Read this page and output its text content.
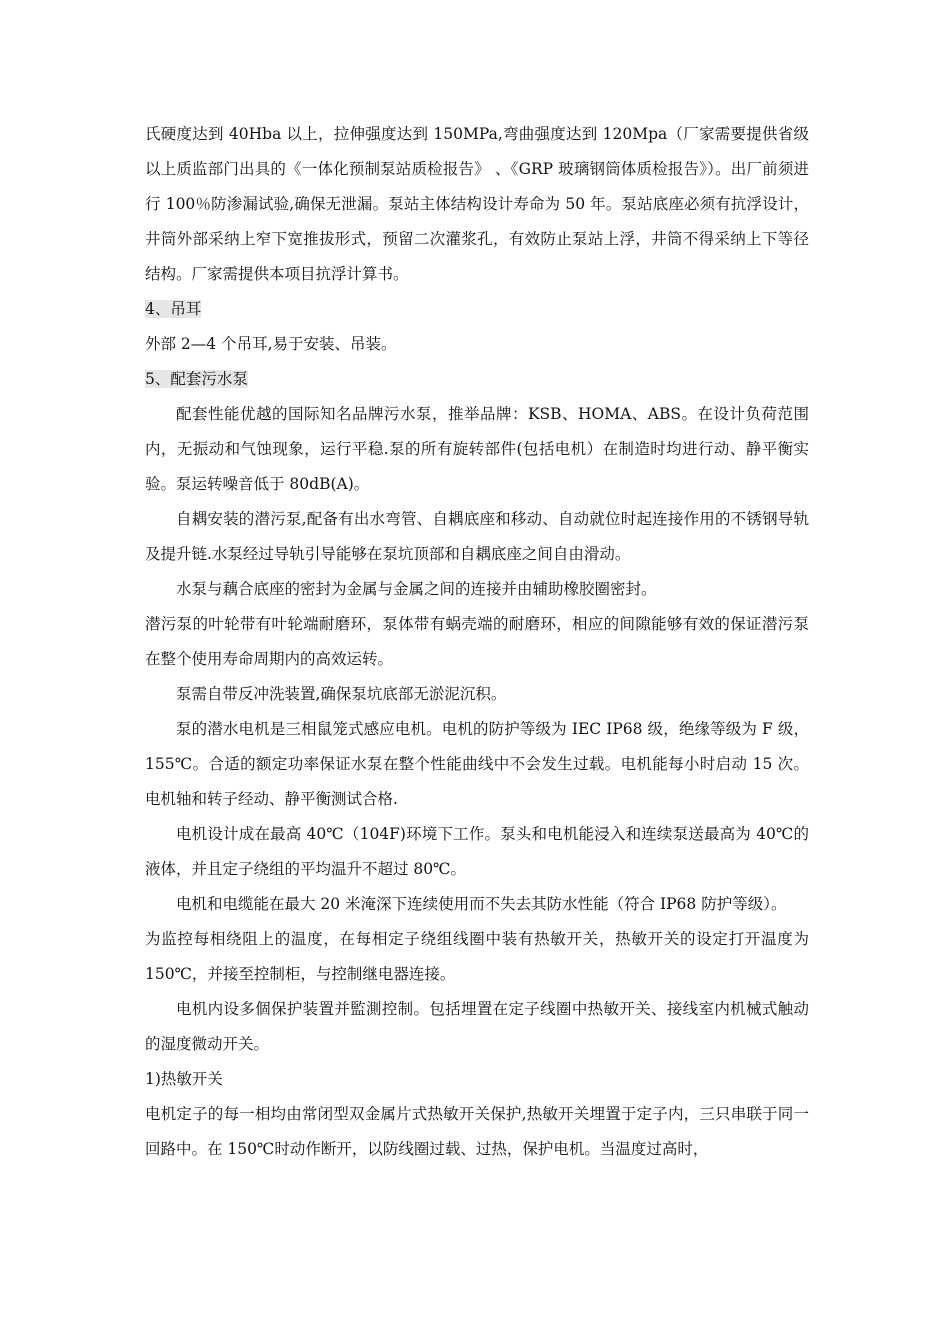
氏硬度达到 40Hba 以上，拉伸强度达到 150MPa,弯曲强度达到 120Mpa（厂家需要提供省级以上质监部门出具的《一体化预制泵站质检报告》 、《GRP 玻璃钢筒体质检报告》）。出厂前须进行 100％防渗漏试验,确保无泄漏。泵站主体结构设计寿命为 50 年。泵站底座必须有抗浮设计，井筒外部采纳上窄下宽推拔形式，预留二次灌浆孔，有效防止泵站上浮，井筒不得采纳上下等径结构。厂家需提供本项目抗浮计算书。

4、吊耳

外部 2—4 个吊耳,易于安装、吊装。

5、配套污水泵

配套性能优越的国际知名品牌污水泵，推举品牌：KSB、HOMA、ABS。在设计负荷范围内，无振动和气蚀现象，运行平稳.泵的所有旋转部件(包括电机）在制造时均进行动、静平衡实验。泵运转噪音低于 80dB(A)。

自耦安装的潜污泵,配备有出水弯管、自耦底座和移动、自动就位时起连接作用的不锈钢导轨及提升链.水泵经过导轨引导能够在泵坑顶部和自耦底座之间自由滑动。

水泵与藕合底座的密封为金属与金属之间的连接并由辅助橡胶圈密封。

潜污泵的叶轮带有叶轮端耐磨环，泵体带有蜗壳端的耐磨环，相应的间隙能够有效的保证潜污泵在整个使用寿命周期内的高效运转。

泵需自带反冲洗装置,确保泵坑底部无淤泥沉积。

泵的潜水电机是三相鼠笼式感应电机。电机的防护等级为 IEC IP68 级，绝缘等级为 F 级，155℃。合适的额定功率保证水泵在整个性能曲线中不会发生过载。电机能每小时启动 15 次。电机轴和转子经动、静平衡测试合格.

电机设计成在最高 40℃（104F)环境下工作。泵头和电机能浸入和连续泵送最高为 40℃的液体，并且定子绕组的平均温升不超过 80℃。

电机和电缆能在最大 20 米淹深下连续使用而不失去其防水性能（符合 IP68 防护等级）。

为监控每相绕阻上的温度，在每相定子绕组线圈中装有热敏开关，热敏开关的设定打开温度为 150℃，并接至控制柜，与控制继电器连接。

电机内设多個保护装置并監測控制。包括埋置在定子线圈中热敏开关、接线室内机械式触动的湿度微动开关。

1)热敏开关

电机定子的每一相均由常闭型双金属片式热敏开关保护,热敏开关埋置于定子内，三只串联于同一回路中。在 150℃时动作断开，以防线圈过载、过热，保护电机。当温度过高时，
